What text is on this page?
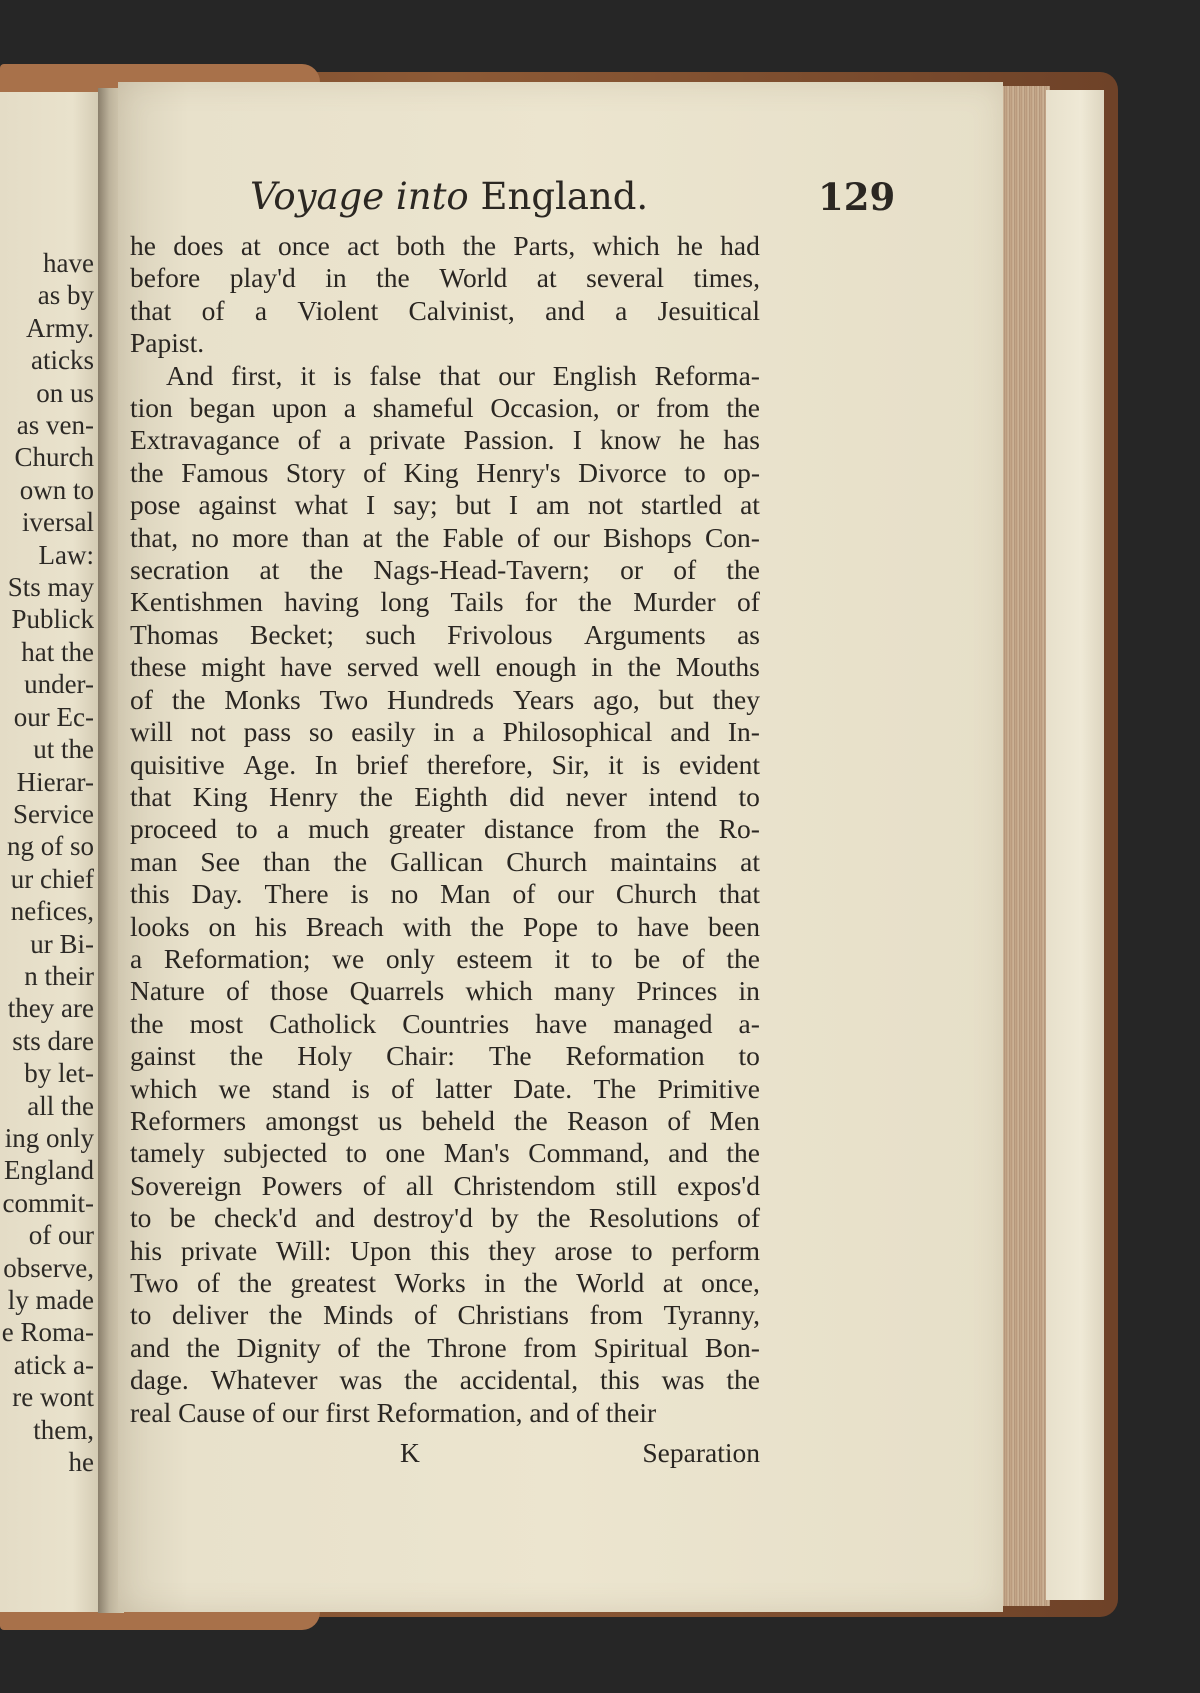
have
as by
Army.
aticks
on us
as ven-
Church
own to
iversal
Law:
Sts may
Publick
hat the
under-
our Ec-
ut the
Hierar-
Service
ng of so
ur chief
nefices,
ur Bi-
n their
they are
sts dare
by let-
all the
ing only
England
commit-
of our
observe,
ly made
e Roma-
atick a-
re wont
them,
he
Voyage into England.	129
he does at once act both the Parts, which he had
before play'd in the World at several times,
that of a Violent Calvinist, and a Jesuitical
Papist.
And first, it is false that our English Reforma-
tion began upon a shameful Occasion, or from the
Extravagance of a private Passion. I know he has
the Famous Story of King Henry's Divorce to op-
pose against what I say; but I am not startled at
that, no more than at the Fable of our Bishops Con-
secration at the Nags-Head-Tavern; or of the
Kentishmen having long Tails for the Murder of
Thomas Becket; such Frivolous Arguments as
these might have served well enough in the Mouths
of the Monks Two Hundreds Years ago, but they
will not pass so easily in a Philosophical and In-
quisitive Age. In brief therefore, Sir, it is evident
that King Henry the Eighth did never intend to
proceed to a much greater distance from the Ro-
man See than the Gallican Church maintains at
this Day. There is no Man of our Church that
looks on his Breach with the Pope to have been
a Reformation; we only esteem it to be of the
Nature of those Quarrels which many Princes in
the most Catholick Countries have managed a-
gainst the Holy Chair: The Reformation to
which we stand is of latter Date. The Primitive
Reformers amongst us beheld the Reason of Men
tamely subjected to one Man's Command, and the
Sovereign Powers of all Christendom still expos'd
to be check'd and destroy'd by the Resolutions of
his private Will: Upon this they arose to perform
Two of the greatest Works in the World at once,
to deliver the Minds of Christians from Tyranny,
and the Dignity of the Throne from Spiritual Bon-
dage. Whatever was the accidental, this was the
real Cause of our first Reformation, and of their
K	Separation
